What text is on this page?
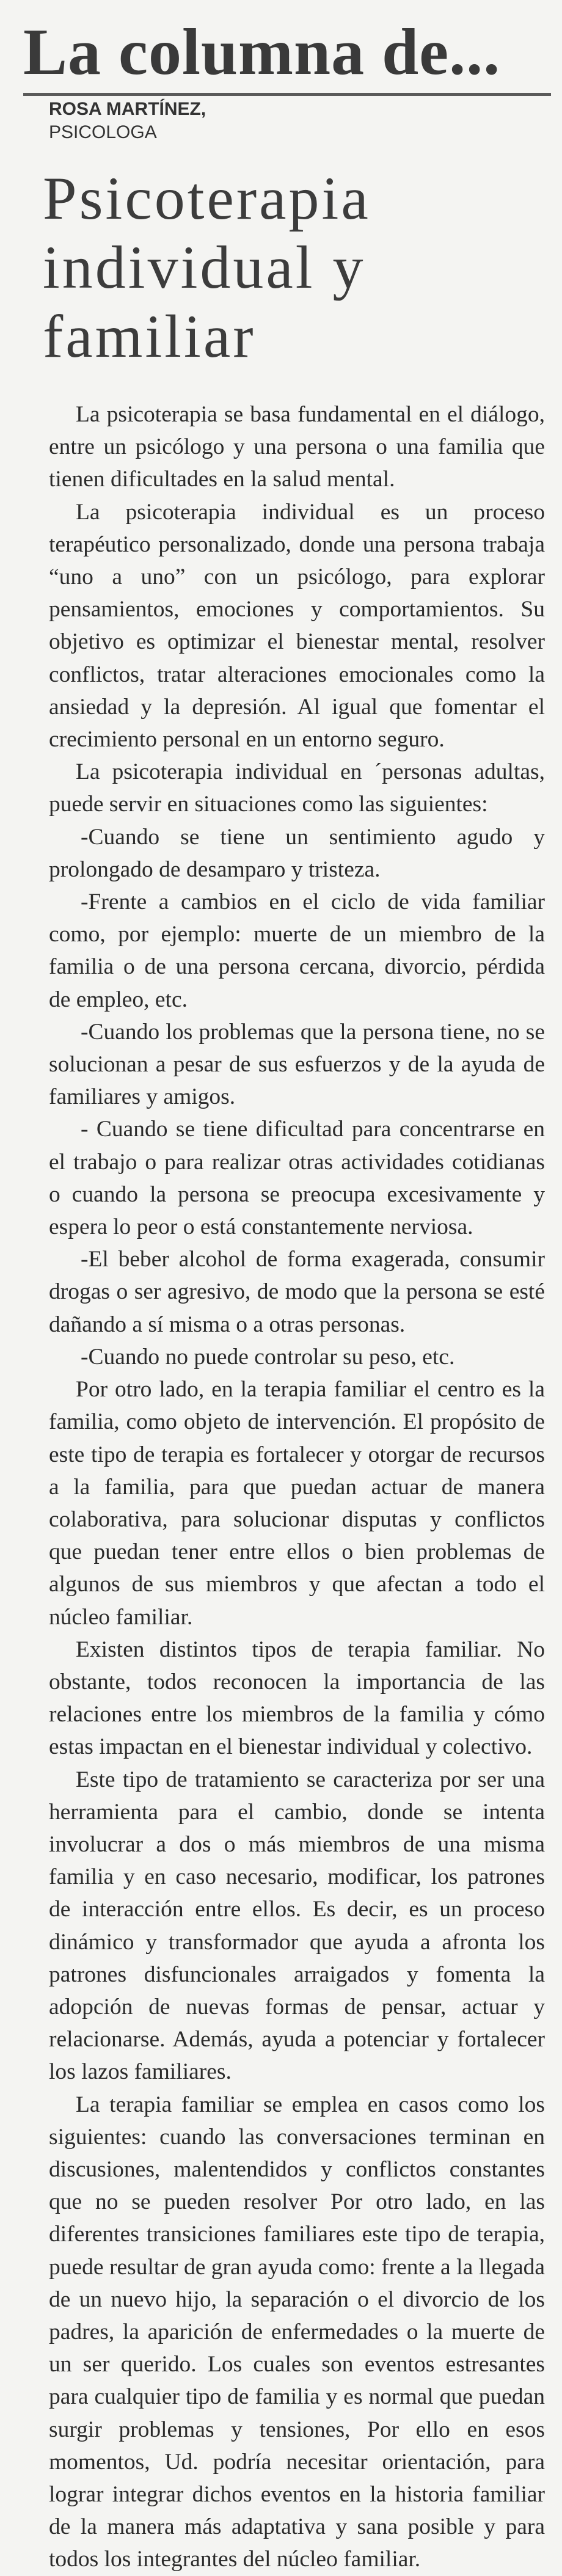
La columna de...
ROSA MARTÍNEZ,
PSICOLOGA
Psicoterapia individual y familiar

La psicoterapia se basa fundamental en el diálogo, entre un psicólogo y una persona o una familia que tienen dificultades en la salud mental.

La psicoterapia individual es un proceso terapéutico personalizado, donde una persona trabaja “uno a uno” con un psicólogo, para explorar pensamientos, emociones y comportamientos. Su objetivo es optimizar el bienestar mental, resolver conflictos, tratar alteraciones emocionales como la ansiedad y la depresión. Al igual que fomentar el crecimiento personal en un entorno seguro.

La psicoterapia individual en ´personas adultas, puede servir en situaciones como las siguientes:

-Cuando se tiene un sentimiento agudo y prolongado de desamparo y tristeza.

-Frente a cambios en el ciclo de vida familiar como, por ejemplo: muerte de un miembro de la familia o de una persona cercana, divorcio, pérdida de empleo, etc.

-Cuando los problemas que la persona tiene, no se solucionan a pesar de sus esfuerzos y de la ayuda de familiares y amigos.

- Cuando se tiene dificultad para concentrarse en el trabajo o para realizar otras actividades cotidianas o cuando la persona se preocupa excesivamente y espera lo peor o está constantemente nerviosa.

-El beber alcohol de forma exagerada, consumir drogas o ser agresivo, de modo que la persona se esté dañando a sí misma o a otras personas.

-Cuando no puede controlar su peso, etc.

Por otro lado, en la terapia familiar el centro es la familia, como objeto de intervención. El propósito de este tipo de terapia es fortalecer y otorgar de recursos a la familia, para que puedan actuar de manera colaborativa, para solucionar disputas y conflictos que puedan tener entre ellos o bien problemas de algunos de sus miembros y que afectan a todo el núcleo familiar.

Existen distintos tipos de terapia familiar. No obstante, todos reconocen la importancia de las relaciones entre los miembros de la familia y cómo estas impactan en el bienestar individual y colectivo.

Este tipo de tratamiento se caracteriza por ser una herramienta para el cambio, donde se intenta involucrar a dos o más miembros de una misma familia y en caso necesario, modificar, los patrones de interacción entre ellos. Es decir, es un proceso dinámico y transformador que ayuda a afronta los patrones disfuncionales arraigados y fomenta la adopción de nuevas formas de pensar, actuar y relacionarse. Además, ayuda a potenciar y fortalecer los lazos familiares.

La terapia familiar se emplea en casos como los siguientes: cuando las conversaciones terminan en discusiones, malentendidos y conflictos constantes que no se pueden resolver Por otro lado, en las diferentes transiciones familiares este tipo de terapia, puede resultar de gran ayuda como: frente a la llegada de un nuevo hijo, la separación o el divorcio de los padres, la aparición de enfermedades o la muerte de un ser querido. Los cuales son eventos estresantes para cualquier tipo de familia y es normal que puedan surgir problemas y tensiones, Por ello en esos momentos, Ud. podría necesitar orientación, para lograr integrar dichos eventos en la historia familiar de la manera más adaptativa y sana posible y para todos los integrantes del núcleo familiar.
